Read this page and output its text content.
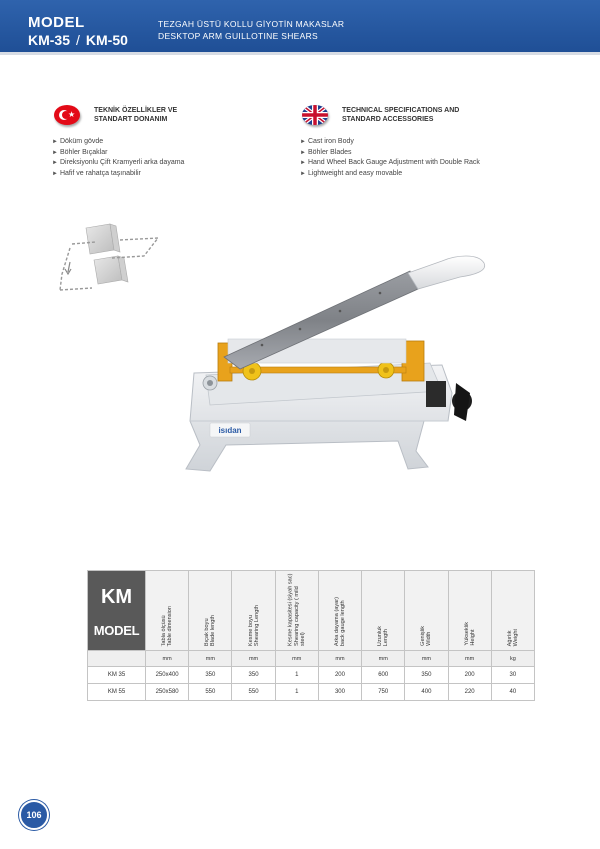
MODEL
KM-35 / KM-50
TEZGAH ÜSTÜ KOLLU GİYOTİN MAKASLAR
DESKTOP ARM GUILLOTINE SHEARS
★	TEKNİK ÖZELLİKLER VE
STANDART DONANIM
TECHNICAL SPECIFICATIONS AND
STANDARD ACCESSORIES
► Döküm gövde
► Böhler Bıçaklar
► Direksiyonlu Çift Kramyerli arka dayama
► Hafif ve rahatça taşınabilir
► Cast iron Body
► Böhler Blades
► Hand Wheel Back Gauge Adjustment with Double Rack
► Lightweight and easy movable
isıdan
KM
MODEL	Tabla ölçüsü
Table dimension	Bıçak boyu
Blade length	Kesme boyu
Shearing Length	Kesme kapasitesi (siyah sac)
Shearing capacity ( mild steel)	Arka dayama (ayar)
back gauge length	Uzunluk
Length	Genişlik
Width	Yükseklik
Height	Ağırlık
Weight

	mm	mm	mm	mm	mm	mm	mm	mm	kg
KM 35	250x400	350	350	1	200	600	350	200	30
KM 55	250x580	550	550	1	300	750	400	220	40
106
